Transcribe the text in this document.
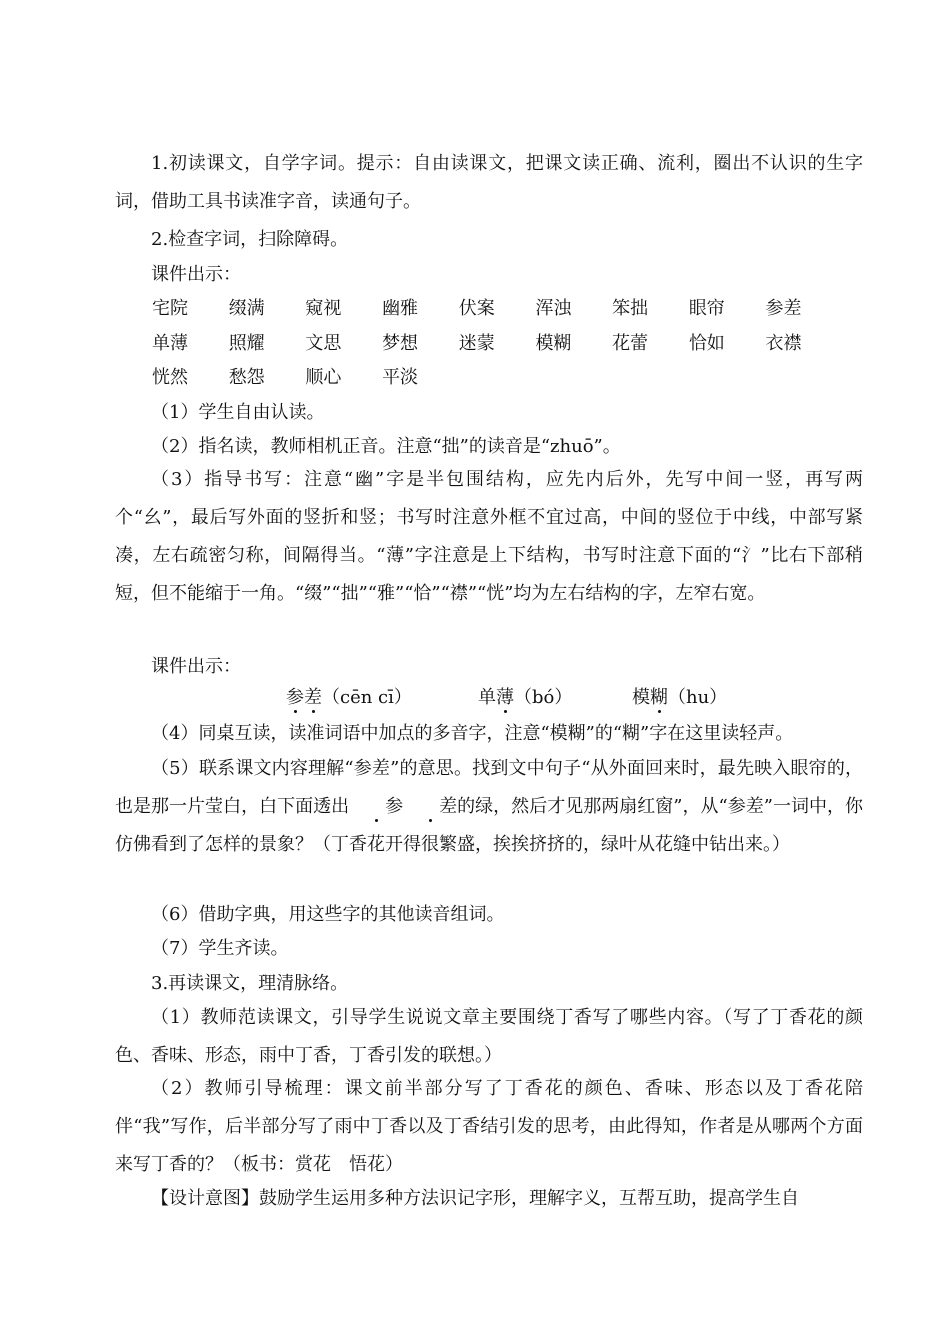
1.初读课文，自学字词。提示：自由读课文，把课文读正确、流利，圈出不认识的生字词，借助工具书读准字音，读通句子。

2.检查字词，扫除障碍。

课件出示：

宅院	缀满	窥视	幽雅	伏案	浑浊	笨拙	眼帘	参差
单薄	照耀	文思	梦想	迷蒙	模糊	花蕾	恰如	衣襟
恍然	愁怨	顺心	平淡

（1）学生自由认读。

（2）指名读，教师相机正音。注意“拙”的读音是“zhuō”。

（3）指导书写：注意“幽”字是半包围结构，应先内后外，先写中间一竖，再写两个“幺”，最后写外面的竖折和竖；书写时注意外框不宜过高，中间的竖位于中线，中部写紧凑，左右疏密匀称，间隔得当。“薄”字注意是上下结构，书写时注意下面的“氵”比右下部稍短，但不能缩于一角。“缀”“拙”“雅”“恰”“襟”“恍”均为左右结构的字，左窄右宽。

课件出示：

参差（cēn cī）	单薄（bó）	模糊（hu）

（4）同桌互读，读准词语中加点的多音字，注意“模糊”的“糊”字在这里读轻声。

（5）联系课文内容理解“参差”的意思。找到文中句子“从外面回来时，最先映入眼帘的，也是那一片莹白，白下面透出 参 差的绿，然后才见那两扇红窗”，从“参差”一词中，你仿佛看到了怎样的景象？（丁香花开得很繁盛，挨挨挤挤的，绿叶从花缝中钻出来。）

（6）借助字典，用这些字的其他读音组词。

（7）学生齐读。

3.再读课文，理清脉络。

（1）教师范读课文，引导学生说说文章主要围绕丁香写了哪些内容。（写了丁香花的颜色、香味、形态，雨中丁香，丁香引发的联想。）

（2）教师引导梳理：课文前半部分写了丁香花的颜色、香味、形态以及丁香花陪伴“我”写作，后半部分写了雨中丁香以及丁香结引发的思考，由此得知，作者是从哪两个方面来写丁香的？（板书：赏花　悟花）

【设计意图】鼓励学生运用多种方法识记字形，理解字义，互帮互助，提高学生自
